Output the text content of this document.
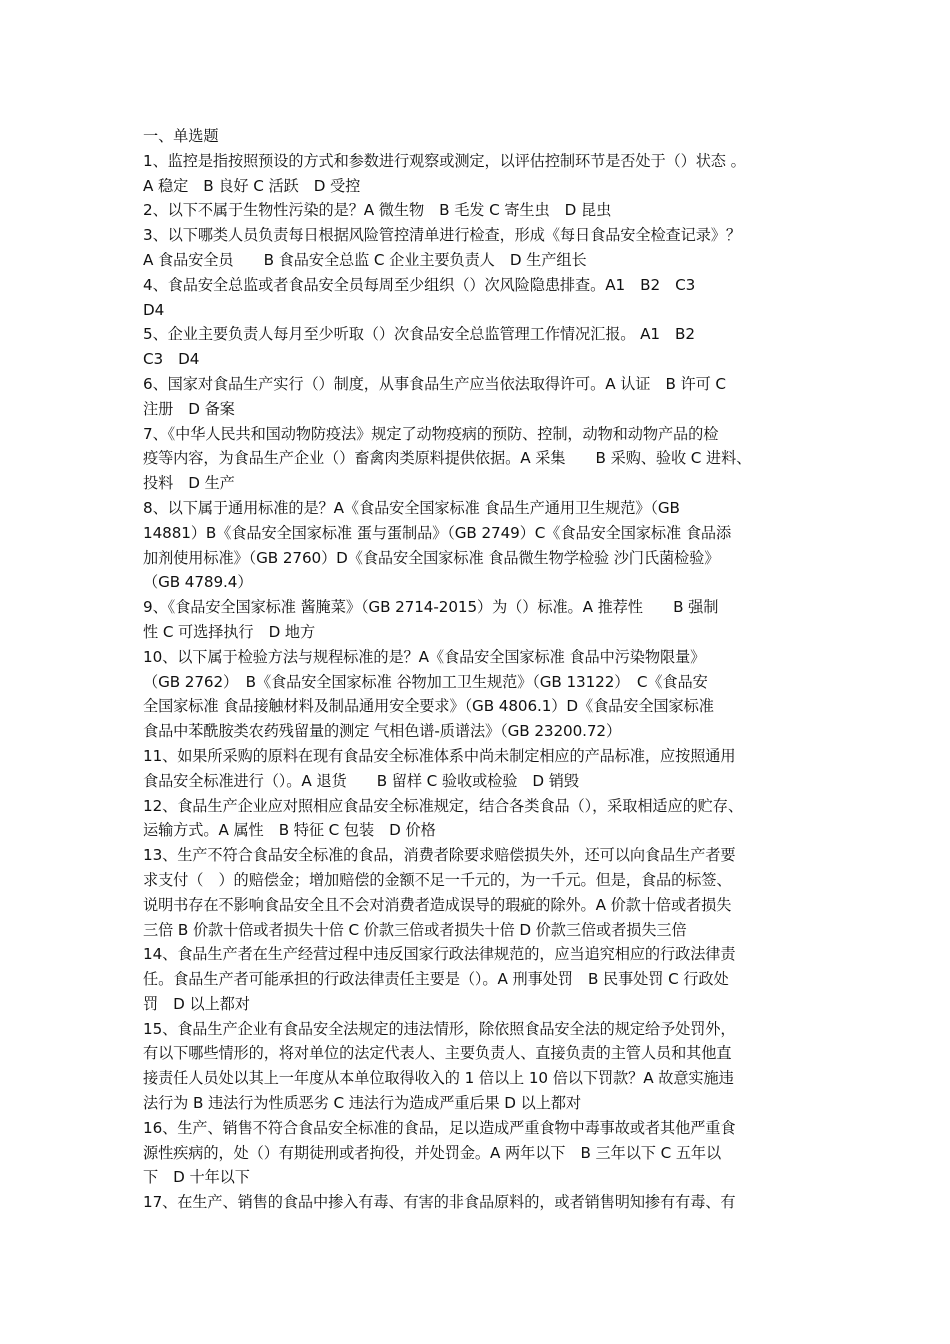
一、单选题
1、监控是指按照预设的方式和参数进行观察或测定，以评估控制环节是否处于（）状态 。
A 稳定　B 良好 C 活跃　D 受控
2、以下不属于生物性污染的是？A 微生物　B 毛发 C 寄生虫　D 昆虫
3、以下哪类人员负责每日根据风险管控清单进行检查，形成《每日食品安全检查记录》？
A 食品安全员　　B 食品安全总监 C 企业主要负责人　D 生产组长
4、食品安全总监或者食品安全员每周至少组织（）次风险隐患排查。A1　B2　C3
D4
5、企业主要负责人每月至少听取（）次食品安全总监管理工作情况汇报。 A1　B2
C3　D4
6、国家对食品生产实行（）制度，从事食品生产应当依法取得许可。A 认证　B 许可 C
注册　D 备案
7、《中华人民共和国动物防疫法》规定了动物疫病的预防、控制，动物和动物产品的检
疫等内容，为食品生产企业（）畜禽肉类原料提供依据。A 采集　　B 采购、验收 C 进料、
投料　D 生产
8、以下属于通用标准的是？A《食品安全国家标准 食品生产通用卫生规范》（GB
14881）B《食品安全国家标准 蛋与蛋制品》（GB 2749）C《食品安全国家标准 食品添
加剂使用标准》（GB 2760）D《食品安全国家标准 食品微生物学检验 沙门氏菌检验》
（GB 4789.4）
9、《食品安全国家标准 酱腌菜》（GB 2714-2015）为（）标准。A 推荐性　　B 强制
性 C 可选择执行　D 地方
10、以下属于检验方法与规程标准的是？A《食品安全国家标准 食品中污染物限量》
（GB 2762）　B《食品安全国家标准 谷物加工卫生规范》（GB 13122）　C《食品安
全国家标准 食品接触材料及制品通用安全要求》（GB 4806.1）D《食品安全国家标准
食品中苯酰胺类农药残留量的测定 气相色谱-质谱法》（GB 23200.72）
11、如果所采购的原料在现有食品安全标准体系中尚未制定相应的产品标准，应按照通用
食品安全标准进行（）。A 退货　　B 留样 C 验收或检验　D 销毁
12、食品生产企业应对照相应食品安全标准规定，结合各类食品（），采取相适应的贮存、
运输方式。A 属性　B 特征 C 包装　D 价格
13、生产不符合食品安全标准的食品，消费者除要求赔偿损失外，还可以向食品生产者要
求支付（　）的赔偿金；增加赔偿的金额不足一千元的，为一千元。但是，食品的标签、
说明书存在不影响食品安全且不会对消费者造成误导的瑕疵的除外。A 价款十倍或者损失
三倍 B 价款十倍或者损失十倍 C 价款三倍或者损失十倍 D 价款三倍或者损失三倍
14、食品生产者在生产经营过程中违反国家行政法律规范的，应当追究相应的行政法律责
任。食品生产者可能承担的行政法律责任主要是（）。A 刑事处罚　B 民事处罚 C 行政处
罚　D 以上都对
15、食品生产企业有食品安全法规定的违法情形，除依照食品安全法的规定给予处罚外，
有以下哪些情形的，将对单位的法定代表人、主要负责人、直接负责的主管人员和其他直
接责任人员处以其上一年度从本单位取得收入的 1 倍以上 10 倍以下罚款？A 故意实施违
法行为 B 违法行为性质恶劣 C 违法行为造成严重后果 D 以上都对
16、生产、销售不符合食品安全标准的食品，足以造成严重食物中毒事故或者其他严重食
源性疾病的，处（）有期徒刑或者拘役，并处罚金。A 两年以下　B 三年以下 C 五年以
下　D 十年以下
17、在生产、销售的食品中掺入有毒、有害的非食品原料的，或者销售明知掺有有毒、有
